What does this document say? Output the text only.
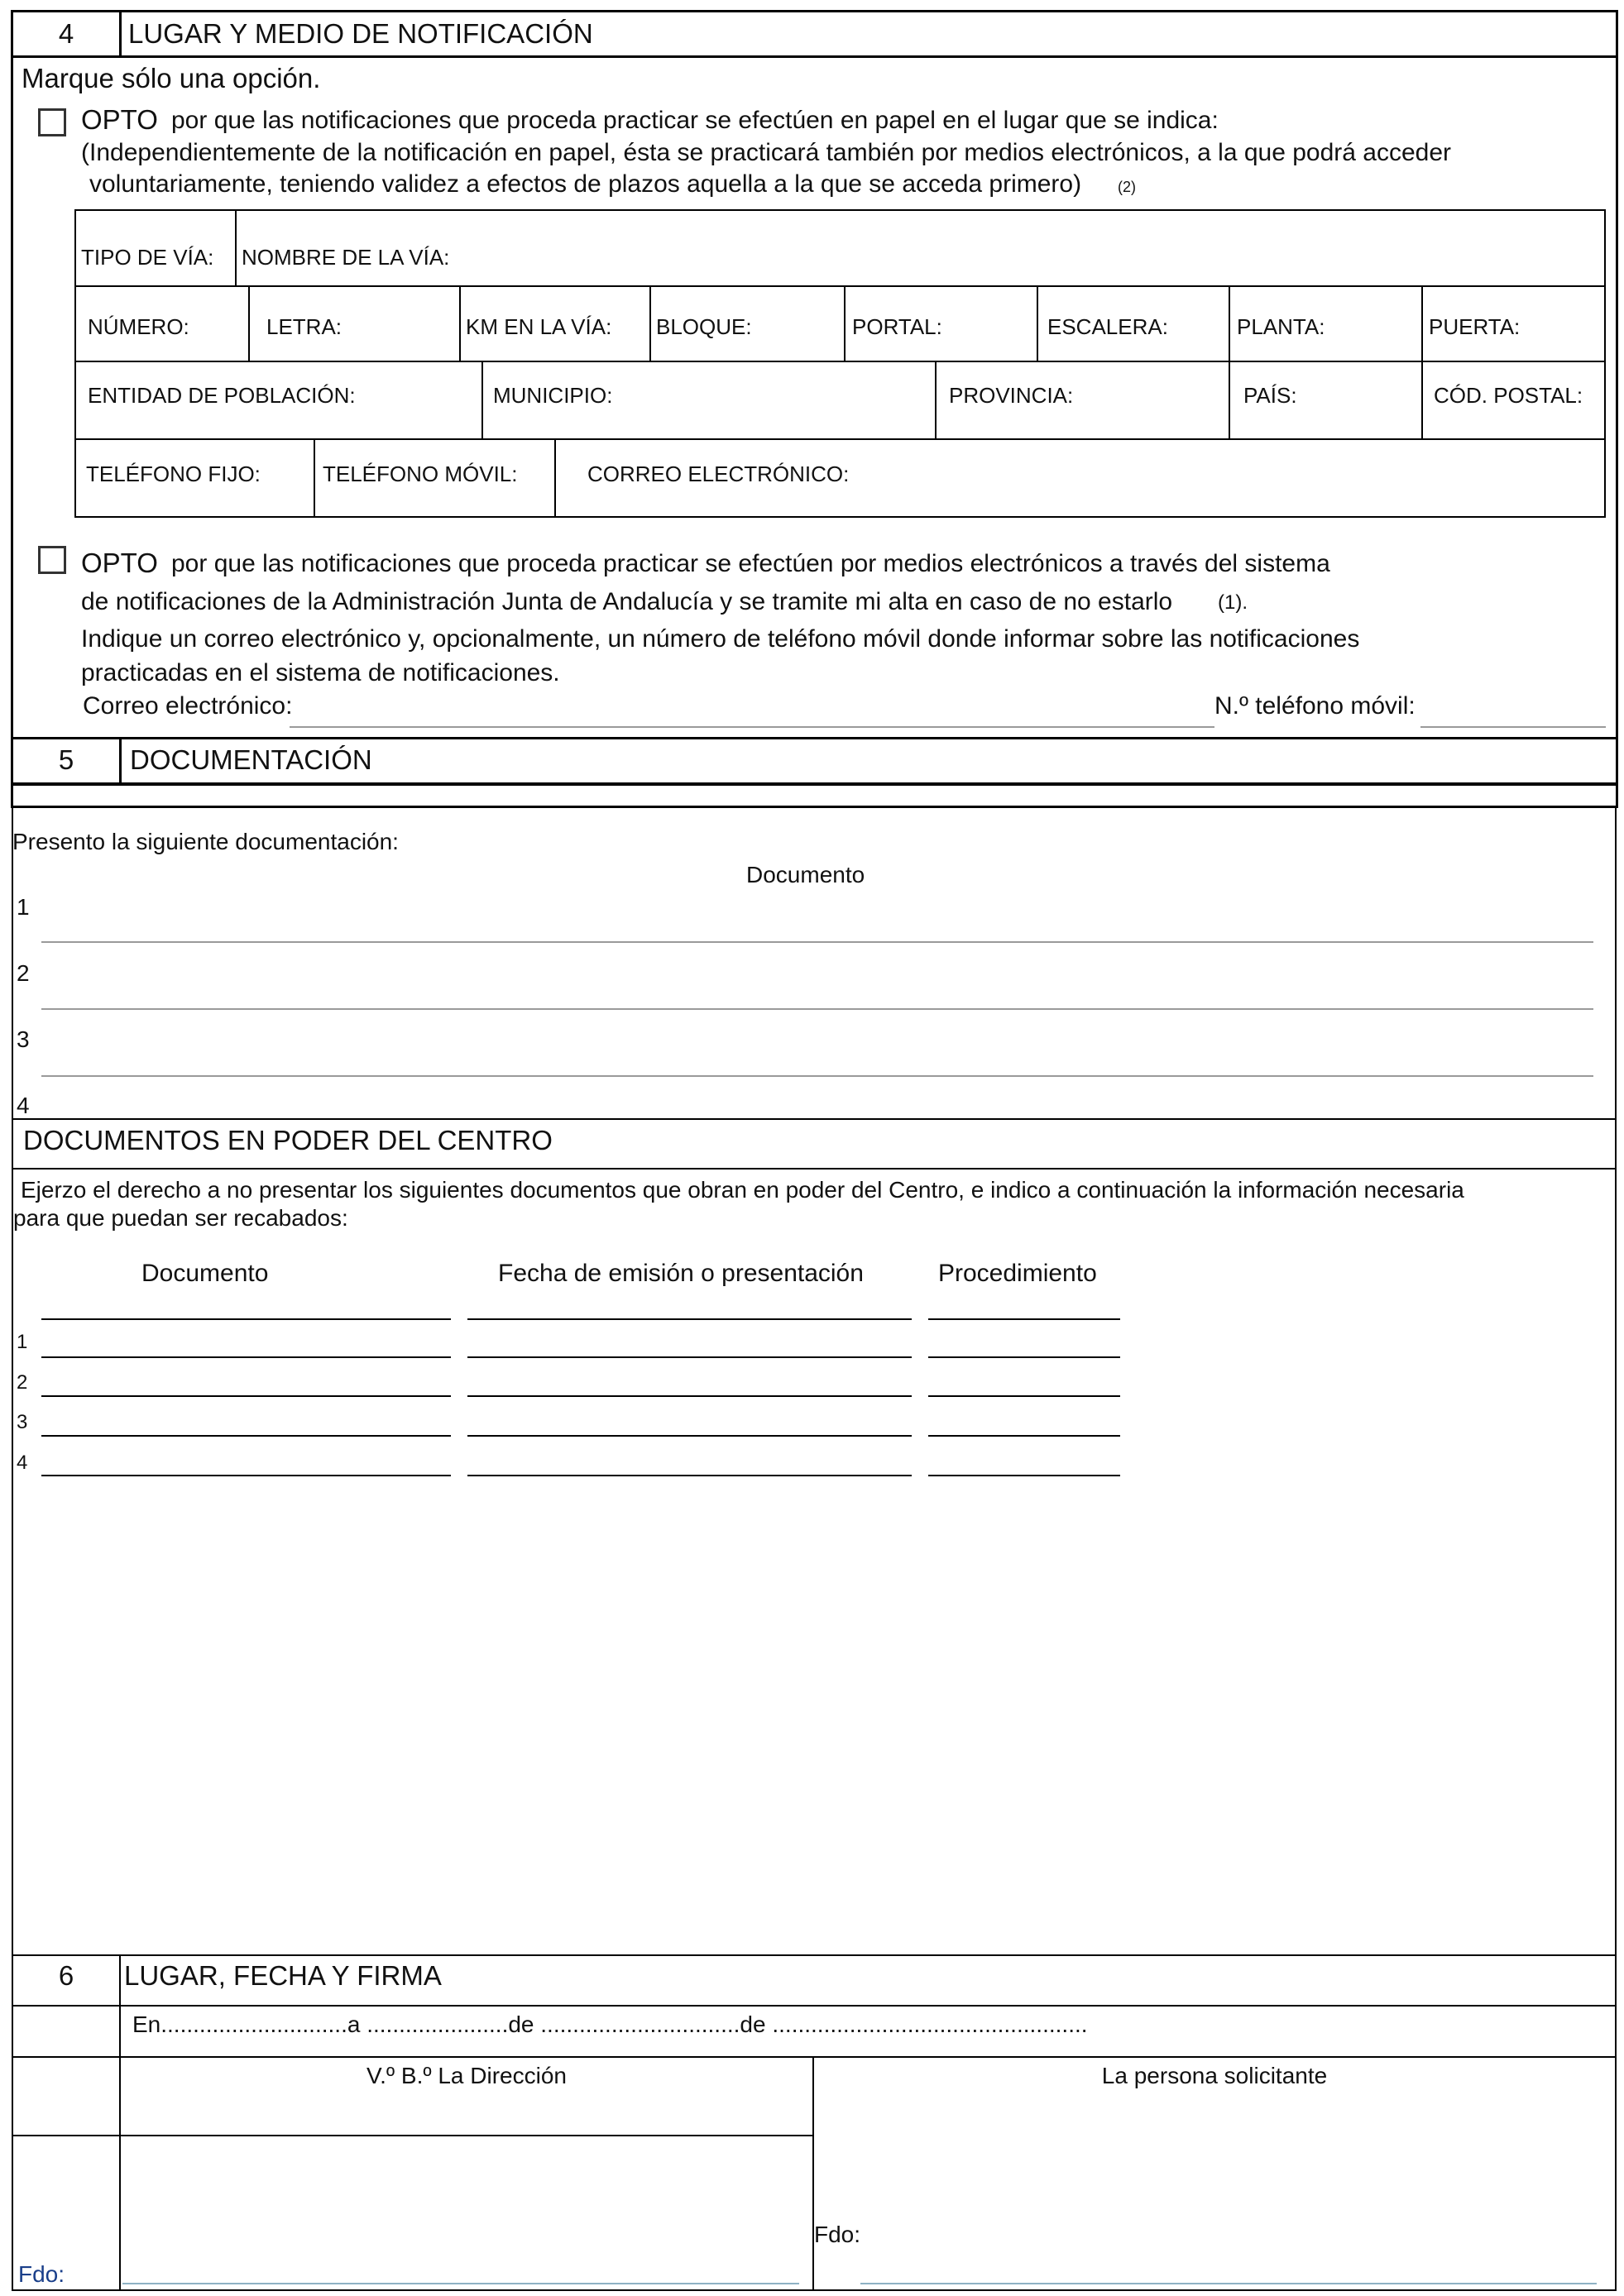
4	LUGAR Y MEDIO DE NOTIFICACIÓN
Marque sólo una opción.
OPTO por que las notificaciones que proceda practicar se efectúen en papel en el lugar que se indica:
(Independientemente de la notificación en papel, ésta se practicará también por medios electrónicos, a la que podrá acceder
voluntariamente, teniendo validez a efectos de plazos aquella a la que se acceda primero) (2)
TIPO DE VÍA: NOMBRE DE LA VÍA:
NÚMERO:	LETRA:	KM EN LA VÍA: BLOQUE:	PORTAL:	ESCALERA:	PLANTA:	PUERTA:
ENTIDAD DE POBLACIÓN:	MUNICIPIO:	PROVINCIA:	PAÍS:	CÓD. POSTAL:
TELÉFONO FIJO:	TELÉFONO MÓVIL:	CORREO ELECTRÓNICO:
OPTO por que las notificaciones que proceda practicar se efectúen por medios electrónicos a través del sistema
de notificaciones de la Administración Junta de Andalucía y se tramite mi alta en caso de no estarlo (1).
Indique un correo electrónico y, opcionalmente, un número de teléfono móvil donde informar sobre las notificaciones
practicadas en el sistema de notificaciones.
Correo electrónico:	N.º teléfono móvil:
5	DOCUMENTACIÓN
Presento la siguiente documentación:
Documento
1
2
3
4
DOCUMENTOS EN PODER DEL CENTRO
Ejerzo el derecho a no presentar los siguientes documentos que obran en poder del Centro, e indico a continuación la información necesaria
para que puedan ser recabados:
Documento	Fecha de emisión o presentación	Procedimiento
1
2
3
4
6	LUGAR, FECHA Y FIRMA
En.............................a ......................de ...............................de .................................................
V.º B.º La Dirección	La persona solicitante
Fdo:
Fdo:
